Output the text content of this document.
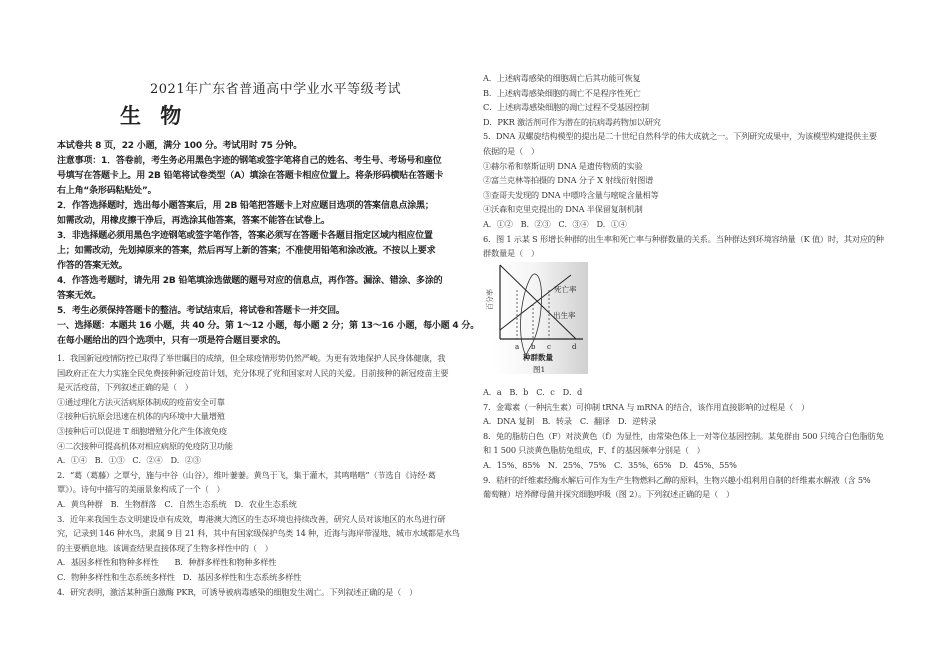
2021年广东省普通高中学业水平等级考试
生 物
本试卷共 8 页，22 小题，满分 100 分。考试用时 75 分钟。
注意事项：1．答卷前，考生务必用黑色字迹的钢笔或签字笔将自己的姓名、考生号、考场号和座位
号填写在答题卡上。用 2B 铅笔将试卷类型（A）填涂在答题卡相应位置上。将条形码横贴在答题卡
右上角“条形码粘贴处”。
2．作答选择题时，选出每小题答案后，用 2B 铅笔把答题卡上对应题目选项的答案信息点涂黑；
如需改动，用橡皮擦干净后，再选涂其他答案，答案不能答在试卷上。
3．非选择题必须用黑色字迹钢笔或签字笔作答，答案必须写在答题卡各题目指定区域内相应位置
上；如需改动，先划掉原来的答案，然后再写上新的答案；不准使用铅笔和涂改液。不按以上要求
作答的答案无效。
4．作答选考题时，请先用 2B 铅笔填涂选做题的题号对应的信息点，再作答。漏涂、错涂、多涂的
答案无效。
5．考生必须保持答题卡的整洁。考试结束后，将试卷和答题卡一并交回。
一、选择题：本题共 16 小题，共 40 分。第 1～12 小题，每小题 2 分；第 13～16 小题，每小题 4 分。
在每小题给出的四个选项中，只有一项是符合题目要求的。
1．我国新冠疫情防控已取得了举世瞩目的成绩，但全球疫情形势仍然严峻。为更有效地保护人民身体健康，我
国政府正在大力实施全民免费接种新冠疫苗计划，充分体现了党和国家对人民的关爱。目前接种的新冠疫苗主要
是灭活疫苗，下列叙述正确的是（　）
①通过理化方法灭活病原体制成的疫苗安全可靠
②接种后抗原会迅速在机体的内环境中大量增殖
③接种后可以促进 T 细胞增殖分化产生体液免疫
④二次接种可提高机体对相应病原的免疫防卫功能
A．①④　B．①③　C．②④　D．②③
2．“葛（葛藤）之覃兮，施与中谷（山谷），维叶萋萋。黄鸟于飞，集于灌木，其鸣喈喈”（节选自《诗经·葛
覃》）。诗句中描写的美丽景象构成了一个（　）
A．黄鸟种群　B．生物群落　C．自然生态系统　D．农业生态系统
3．近年来我国生态文明建设卓有成效，粤港澳大湾区的生态环境也持续改善，研究人员对该地区的水鸟进行研
究，记录到 146 种水鸟，隶属 9 目 21 科，其中有国家级保护鸟类 14 种，近海与海岸带湿地、城市水域都是水鸟
的主要栖息地。该调查结果直接体现了生物多样性中的（　）
A．基因多样性和物种多样性　　B．种群多样性和物种多样性
C．物种多样性和生态系统多样性　D．基因多样性和生态系统多样性
4．研究表明，激活某种蛋白激酶 PKR，可诱导被病毒感染的细胞发生凋亡。下列叙述正确的是（　）
A．上述病毒感染的细胞凋亡后其功能可恢复
B．上述病毒感染细胞的凋亡不是程序性死亡
C．上述病毒感染细胞的凋亡过程不受基因控制
D．PKR 激活剂可作为潜在的抗病毒药物加以研究
5．DNA 双螺旋结构模型的提出是二十世纪自然科学的伟大成就之一。下列研究成果中，为该模型构建提供主要
依据的是（　）
①赫尔希和蔡斯证明 DNA 是遗传物质的实验
②富兰克林等拍摄的 DNA 分子 X 射线衍射图谱
③查哥夫发现的 DNA 中嘌呤含量与嘧啶含量相等
④沃森和克里克提出的 DNA 半保留复制机制
A．①②　B．②③　C．③④　D．①④
6．图 1 示某 S 形增长种群的出生率和死亡率与种群数量的关系。当种群达到环境容纳量（K 值）时，其对应的种
群数量是（　）
百分率	死亡率
出生率
a b c	d
种群数量
图1
A．a　B．b　C．c　D．d
7．金霉素（一种抗生素）可抑制 tRNA 与 mRNA 的结合，该作用直接影响的过程是（　）
A．DNA 复制　B．转录　C．翻译　D．逆转录
8．兔的脂肪白色（F）对淡黄色（f）为显性，由常染色体上一对等位基因控制。某兔群由 500 只纯合白色脂肪兔
和 1 500 只淡黄色脂肪兔组成，F、f 的基因频率分别是（　）
A．15%、85%　N．25%、75%　C．35%、65%　D．45%、55%
9．秸秆的纤维素经酶水解后可作为生产生物燃料乙醇的原料，生物兴趣小组利用自制的纤维素水解液（含 5%
葡萄糖）培养酵母菌并探究细胞呼吸（图 2）。下列叙述正确的是（　）
